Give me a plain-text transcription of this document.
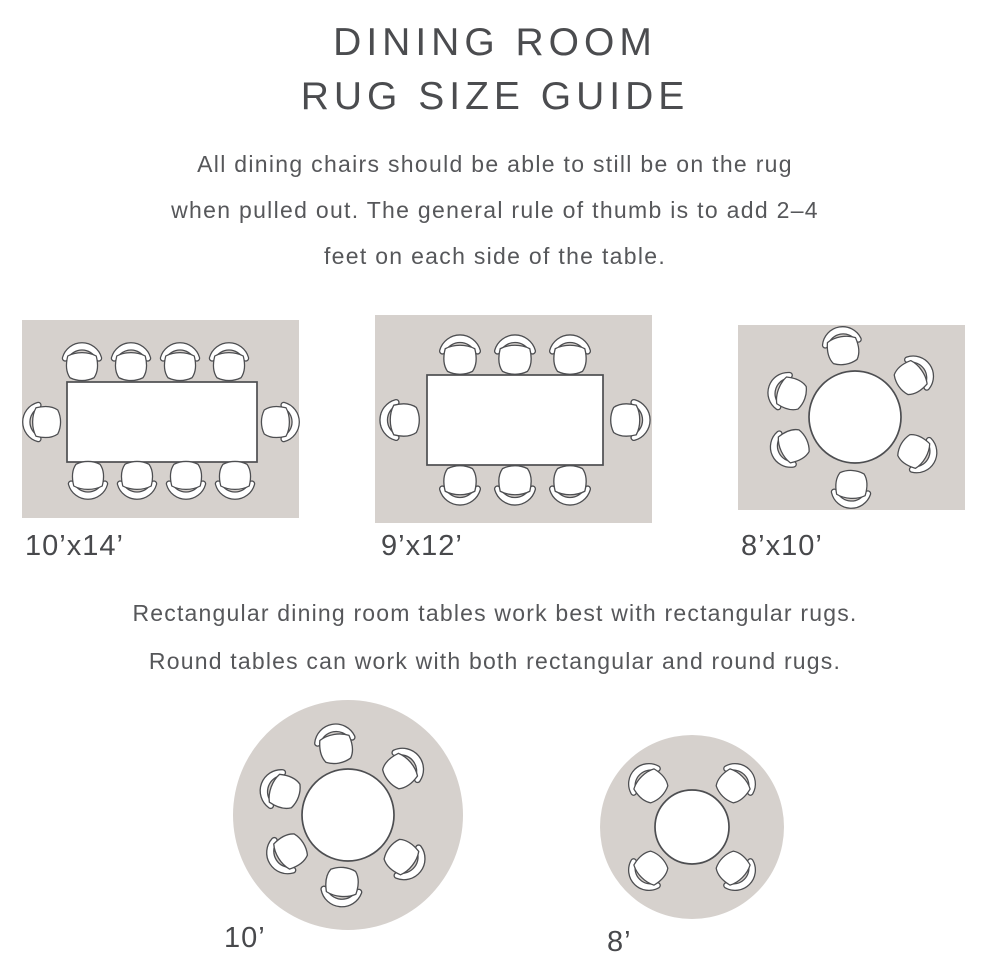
DINING ROOM
RUG SIZE GUIDE
All dining chairs should be able to still be on the rug
when pulled out. The general rule of thumb is to add 2–4
feet on each side of the table.
10’x14’	9’x12’	8’x10’
Rectangular dining room tables work best with rectangular rugs.
Round tables can work with both rectangular and round rugs.
10’	8’
